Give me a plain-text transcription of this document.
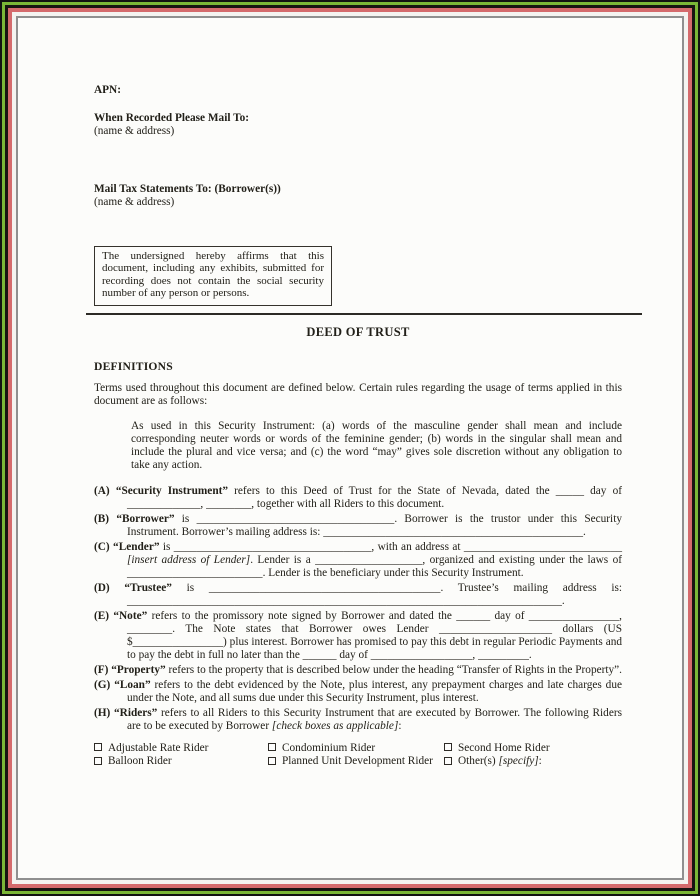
APN:

When Recorded Please Mail To:

(name & address)

Mail Tax Statements To: (Borrower(s))

(name & address)

The undersigned hereby affirms that this document, including any exhibits, submitted for recording does not contain the social security number of any person or persons.
DEED OF TRUST
DEFINITIONS

Terms used throughout this document are defined below. Certain rules regarding the usage of terms applied in this document are as follows:

As used in this Security Instrument: (a) words of the masculine gender shall mean and include corresponding neuter words or words of the feminine gender; (b) words in the singular shall mean and include the plural and vice versa; and (c) the word “may” gives sole discretion without any obligation to take any action.

(A) “Security Instrument” refers to this Deed of Trust for the State of Nevada, dated the _____ day of _____________, ________, together with all Riders to this document.

(B) “Borrower” is ___________________________________. Borrower is the trustor under this Security Instrument. Borrower’s mailing address is: ______________________________________________.

(C) “Lender” is ___________________________________, with an address at ____________________________ [insert address of Lender]. Lender is a ___________________, organized and existing under the laws of ________________________. Lender is the beneficiary under this Security Instrument.

(D) “Trustee” is _________________________________________. Trustee’s mailing address is: _____________________________________________________________________________.

(E) “Note” refers to the promissory note signed by Borrower and dated the ______ day of ________________, ________. The Note states that Borrower owes Lender ____________________ dollars (US $________________) plus interest. Borrower has promised to pay this debt in regular Periodic Payments and to pay the debt in full no later than the ______ day of __________________, _________.

(F) “Property” refers to the property that is described below under the heading “Transfer of Rights in the Property”.

(G) “Loan” refers to the debt evidenced by the Note, plus interest, any prepayment charges and late charges due under the Note, and all sums due under this Security Instrument, plus interest.

(H) “Riders” refers to all Riders to this Security Instrument that are executed by Borrower. The following Riders are to be executed by Borrower [check boxes as applicable]:

Adjustable Rate Rider	Condominium Rider	Second Home Rider
Balloon Rider	Planned Unit Development Rider	Other(s) [specify]:
